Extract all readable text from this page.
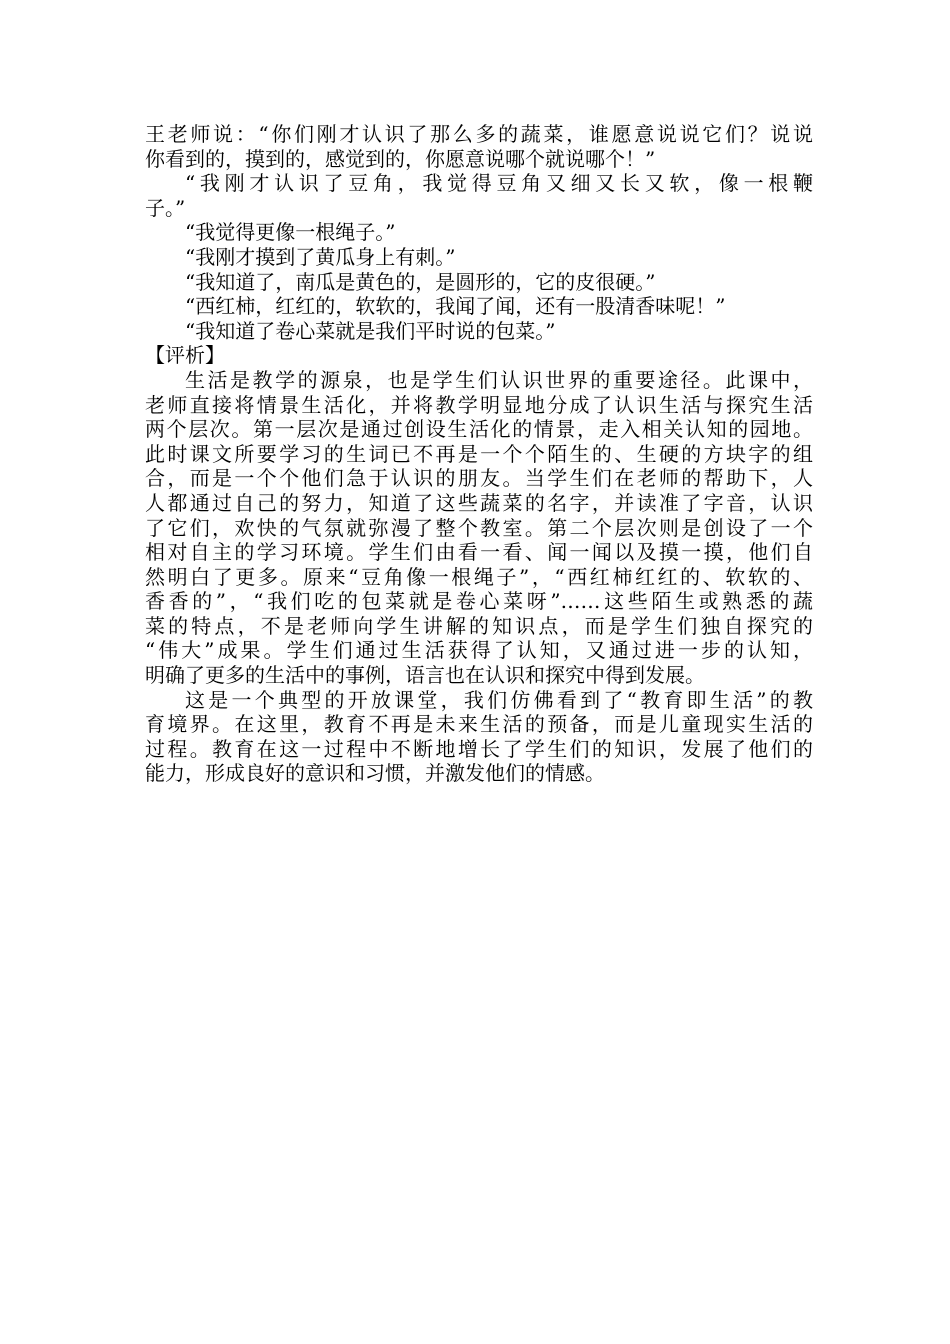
王老师说：“你们刚才认识了那么多的蔬菜，谁愿意说说它们？说说
你看到的，摸到的，感觉到的，你愿意说哪个就说哪个！”
“我刚才认识了豆角，我觉得豆角又细又长又软，像一根鞭
子。”
“我觉得更像一根绳子。”
“我刚才摸到了黄瓜身上有刺。”
“我知道了，南瓜是黄色的，是圆形的，它的皮很硬。”
“西红柿，红红的，软软的，我闻了闻，还有一股清香味呢！”
“我知道了卷心菜就是我们平时说的包菜。”
【评析】
生活是教学的源泉，也是学生们认识世界的重要途径。此课中，
老师直接将情景生活化，并将教学明显地分成了认识生活与探究生活
两个层次。第一层次是通过创设生活化的情景，走入相关认知的园地。
此时课文所要学习的生词已不再是一个个陌生的、生硬的方块字的组
合，而是一个个他们急于认识的朋友。当学生们在老师的帮助下，人
人都通过自己的努力，知道了这些蔬菜的名字，并读准了字音，认识
了它们，欢快的气氛就弥漫了整个教室。第二个层次则是创设了一个
相对自主的学习环境。学生们由看一看、闻一闻以及摸一摸，他们自
然明白了更多。原来“豆角像一根绳子”，“西红柿红红的、软软的、
香香的”，“我们吃的包菜就是卷心菜呀”……这些陌生或熟悉的蔬
菜的特点，不是老师向学生讲解的知识点，而是学生们独自探究的
“伟大”成果。学生们通过生活获得了认知，又通过进一步的认知，
明确了更多的生活中的事例，语言也在认识和探究中得到发展。
这是一个典型的开放课堂，我们仿佛看到了“教育即生活”的教
育境界。在这里，教育不再是未来生活的预备，而是儿童现实生活的
过程。教育在这一过程中不断地增长了学生们的知识，发展了他们的
能力，形成良好的意识和习惯，并激发他们的情感。
